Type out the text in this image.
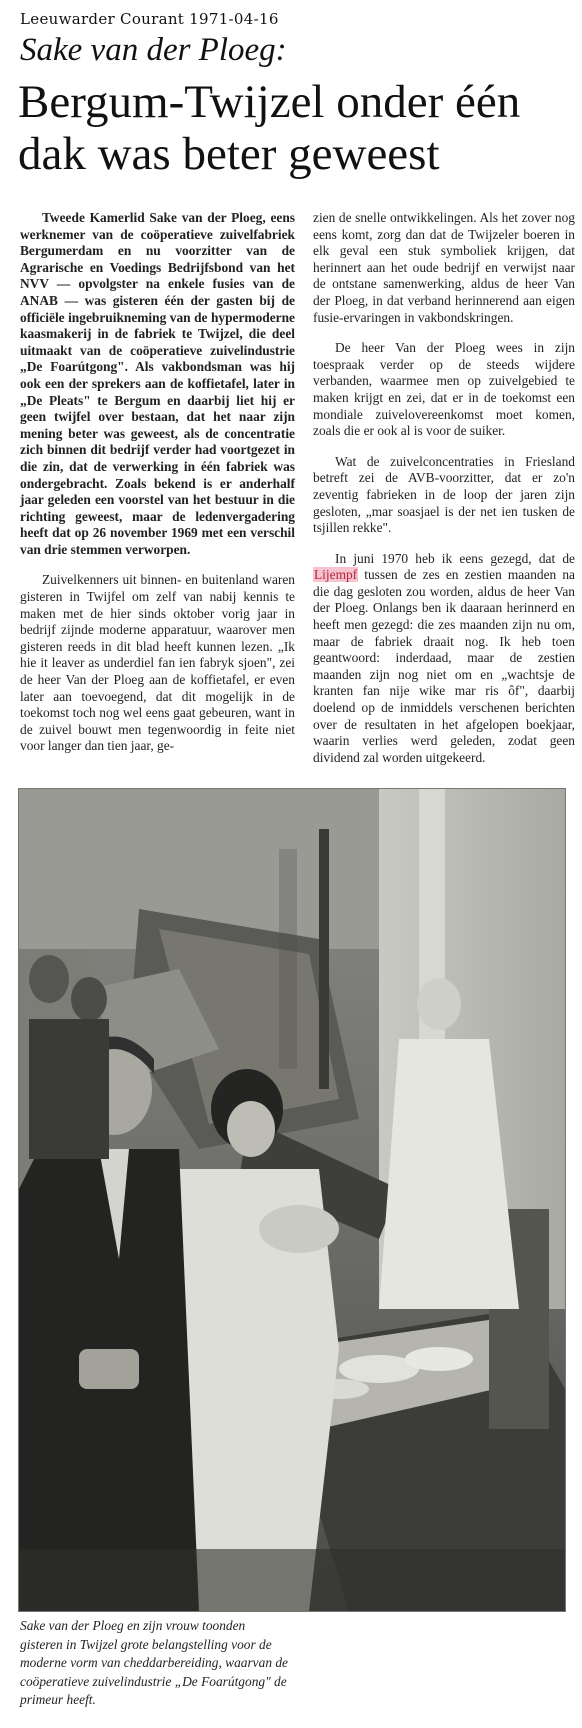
Leeuwarder Courant 1971-04-16
Sake van der Ploeg:
Bergum-Twijzel onder één dak was beter geweest

Tweede Kamerlid Sake van der Ploeg, eens werknemer van de coöperatieve zuivelfabriek Bergumerdam en nu voorzitter van de Agrarische en Voedings Bedrijfsbond van het NVV — opvolgster na enkele fusies van de ANAB — was gisteren één der gasten bij de officiële ingebruikneming van de hypermoderne kaasmakerij in de fabriek te Twijzel, die deel uitmaakt van de coöperatieve zuivelindustrie „De Foarútgong". Als vakbondsman was hij ook een der sprekers aan de koffietafel, later in „De Pleats" te Bergum en daarbij liet hij er geen twijfel over bestaan, dat het naar zijn mening beter was geweest, als de concentratie zich binnen dit bedrijf verder had voortgezet in die zin, dat de verwerking in één fabriek was ondergebracht. Zoals bekend is er anderhalf jaar geleden een voorstel van het bestuur in die richting geweest, maar de ledenvergadering heeft dat op 26 november 1969 met een verschil van drie stemmen verworpen.

Zuivelkenners uit binnen- en buitenland waren gisteren in Twijfel om zelf van nabij kennis te maken met de hier sinds oktober vorig jaar in bedrijf zijnde moderne apparatuur, waarover men gisteren reeds in dit blad heeft kunnen lezen. „Ik hie it leaver as underdiel fan ien fabryk sjoen", zei de heer Van der Ploeg aan de koffietafel, er even later aan toevoegend, dat dit mogelijk in de toekomst toch nog wel eens gaat gebeuren, want in de zuivel bouwt men tegenwoordig in feite niet voor langer dan tien jaar, ge-

zien de snelle ontwikkelingen. Als het zover nog eens komt, zorg dan dat de Twijzeler boeren in elk geval een stuk symboliek krijgen, dat herinnert aan het oude bedrijf en verwijst naar de ontstane samenwerking, aldus de heer Van der Ploeg, in dat verband herinnerend aan eigen fusie-ervaringen in vakbondskringen.

De heer Van der Ploeg wees in zijn toespraak verder op de steeds wijdere verbanden, waarmee men op zuivelgebied te maken krijgt en zei, dat er in de toekomst een mondiale zuivelovereenkomst moet komen, zoals die er ook al is voor de suiker.

Wat de zuivelconcentraties in Friesland betreft zei de AVB-voorzitter, dat er zo'n zeventig fabrieken in de loop der jaren zijn gesloten, „mar soasjael is der net ien tusken de tsjillen rekke".

In juni 1970 heb ik eens gezegd, dat de Lijempf tussen de zes en zestien maanden na die dag gesloten zou worden, aldus de heer Van der Ploeg. Onlangs ben ik daaraan herinnerd en heeft men gezegd: die zes maanden zijn nu om, maar de fabriek draait nog. Ik heb toen geantwoord: inderdaad, maar de zestien maanden zijn nog niet om en „wachtsje de kranten fan nije wike mar ris ôf", daarbij doelend op de inmiddels verschenen berichten over de resultaten in het afgelopen boekjaar, waarin verlies werd geleden, zodat geen dividend zal worden uitgekeerd.

Sake van der Ploeg en zijn vrouw toonden gisteren in Twijzel grote belangstelling voor de moderne vorm van cheddarbereiding, waarvan de coöperatieve zuivelindustrie „De Foarútgong" de primeur heeft.
